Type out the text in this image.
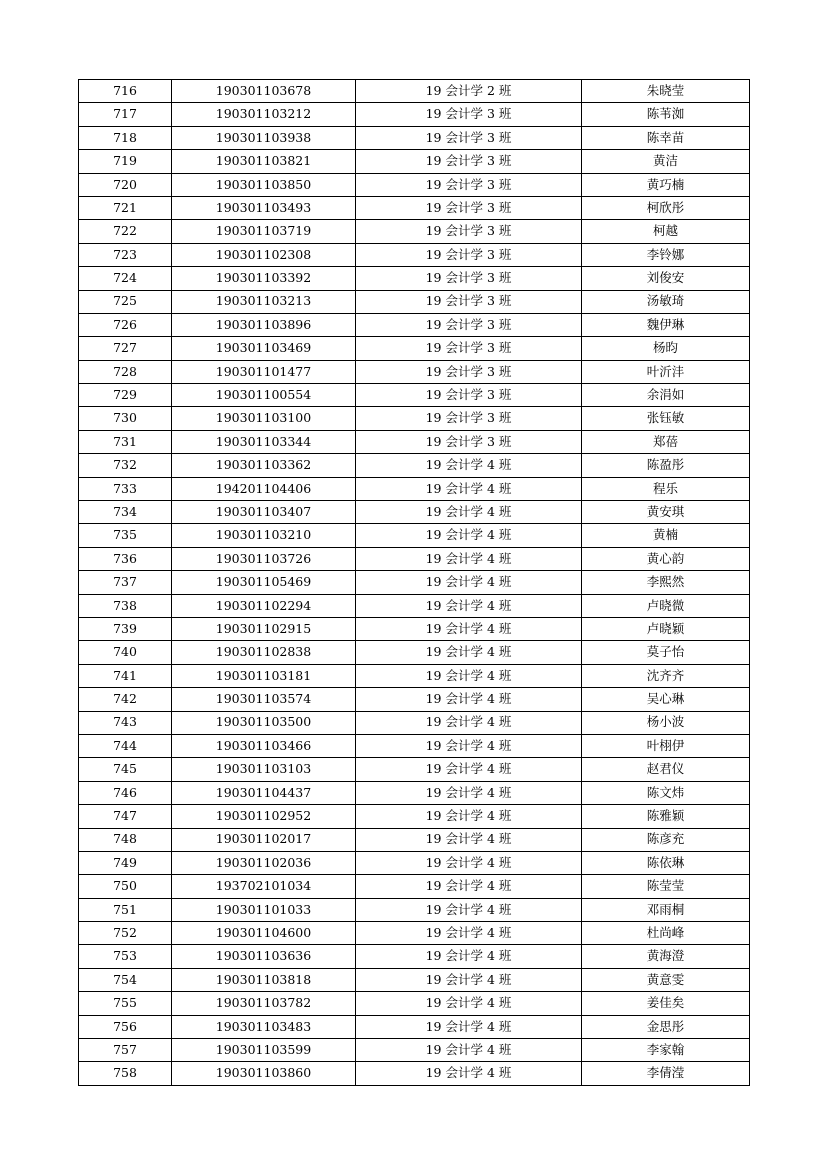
716	190301103678	19 会计学 2 班	朱晓莹
717	190301103212	19 会计学 3 班	陈苇洳
718	190301103938	19 会计学 3 班	陈幸苗
719	190301103821	19 会计学 3 班	黄洁
720	190301103850	19 会计学 3 班	黄巧楠
721	190301103493	19 会计学 3 班	柯欣彤
722	190301103719	19 会计学 3 班	柯越
723	190301102308	19 会计学 3 班	李铃娜
724	190301103392	19 会计学 3 班	刘俊安
725	190301103213	19 会计学 3 班	汤敏琦
726	190301103896	19 会计学 3 班	魏伊琳
727	190301103469	19 会计学 3 班	杨昀
728	190301101477	19 会计学 3 班	叶沂沣
729	190301100554	19 会计学 3 班	余涓如
730	190301103100	19 会计学 3 班	张钰敏
731	190301103344	19 会计学 3 班	郑蓓
732	190301103362	19 会计学 4 班	陈盈彤
733	194201104406	19 会计学 4 班	程乐
734	190301103407	19 会计学 4 班	黄安琪
735	190301103210	19 会计学 4 班	黄楠
736	190301103726	19 会计学 4 班	黄心韵
737	190301105469	19 会计学 4 班	李熙然
738	190301102294	19 会计学 4 班	卢晓微
739	190301102915	19 会计学 4 班	卢晓颖
740	190301102838	19 会计学 4 班	莫子怡
741	190301103181	19 会计学 4 班	沈齐齐
742	190301103574	19 会计学 4 班	吴心琳
743	190301103500	19 会计学 4 班	杨小波
744	190301103466	19 会计学 4 班	叶栩伊
745	190301103103	19 会计学 4 班	赵君仪
746	190301104437	19 会计学 4 班	陈文炜
747	190301102952	19 会计学 4 班	陈雅颖
748	190301102017	19 会计学 4 班	陈彦充
749	190301102036	19 会计学 4 班	陈依琳
750	193702101034	19 会计学 4 班	陈莹莹
751	190301101033	19 会计学 4 班	邓雨桐
752	190301104600	19 会计学 4 班	杜尚峰
753	190301103636	19 会计学 4 班	黄海澄
754	190301103818	19 会计学 4 班	黄意雯
755	190301103782	19 会计学 4 班	姜佳矣
756	190301103483	19 会计学 4 班	金思彤
757	190301103599	19 会计学 4 班	李家翰
758	190301103860	19 会计学 4 班	李倩滢
